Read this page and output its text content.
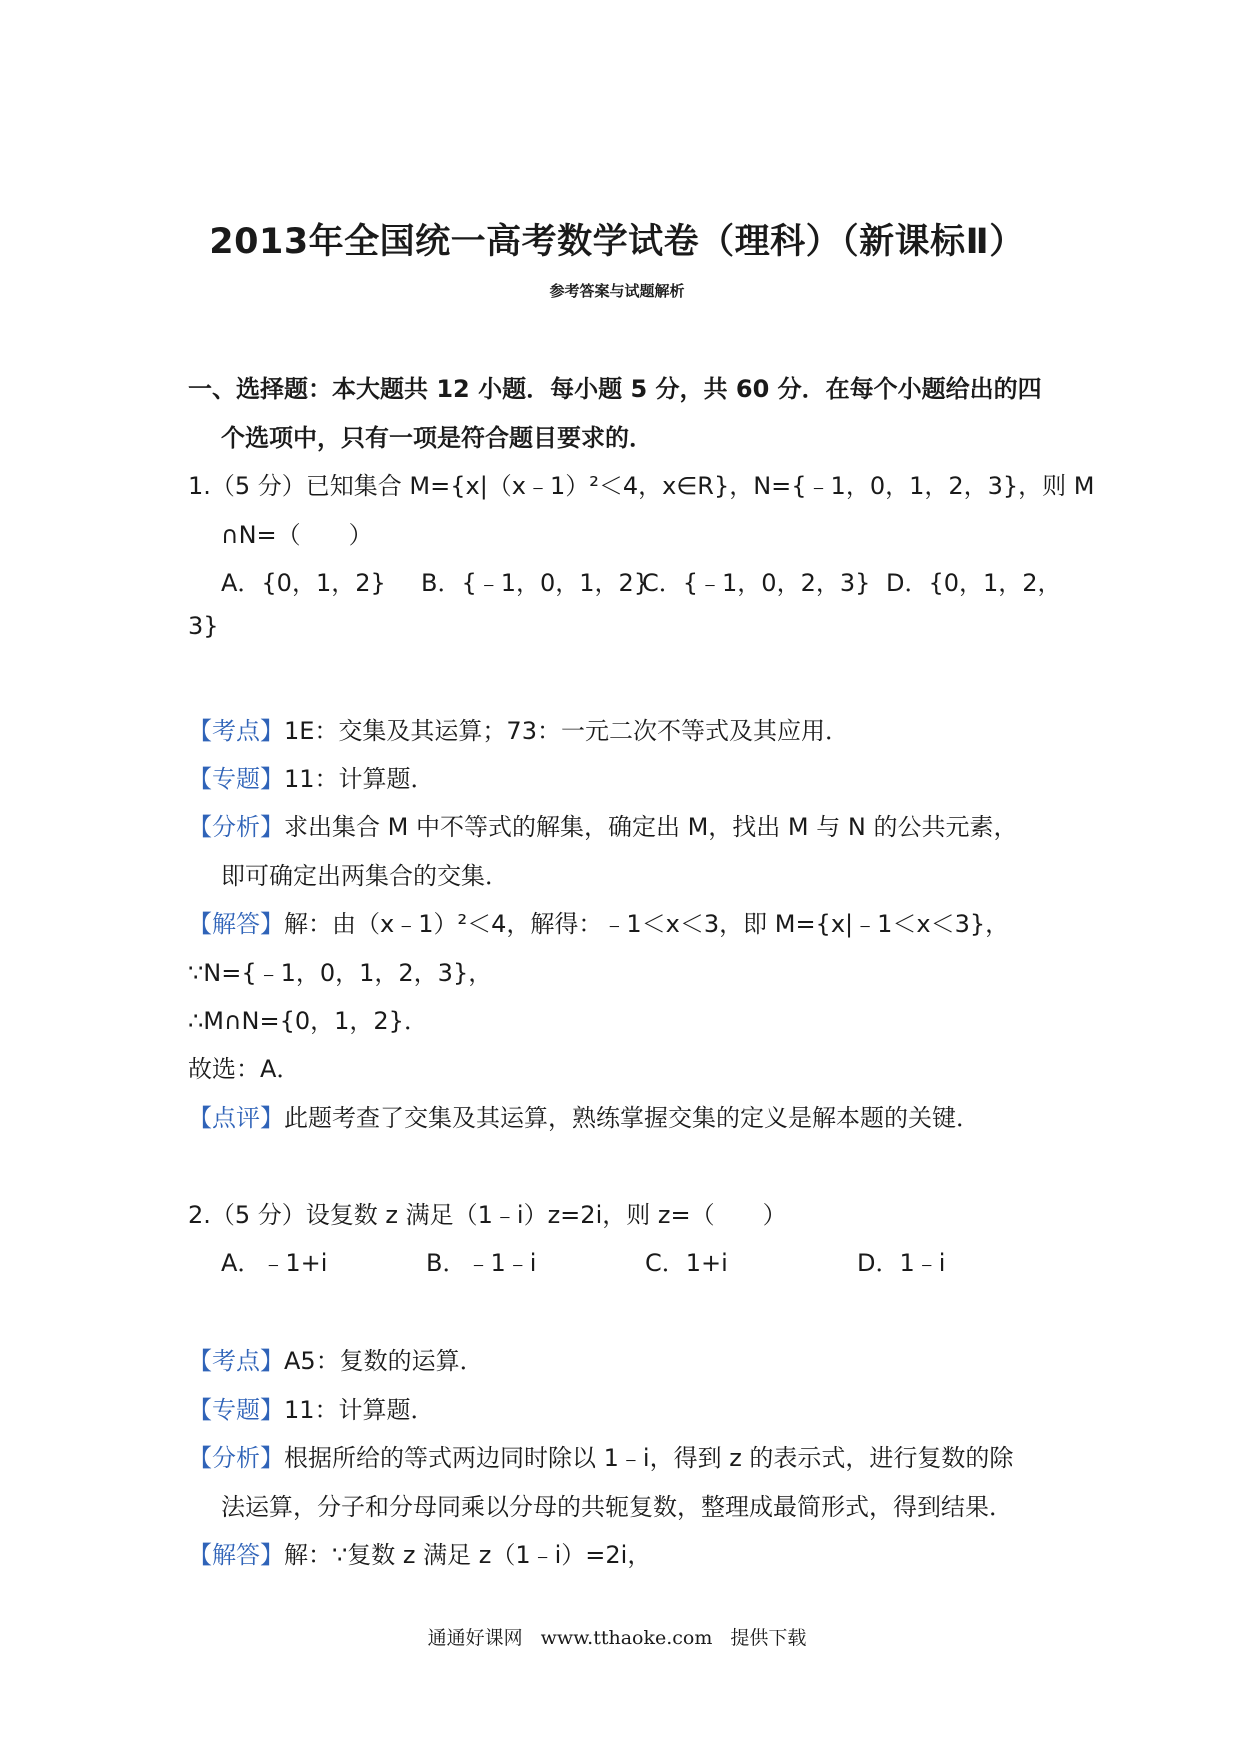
2013年全国统一高考数学试卷（理科）（新课标Ⅱ）
参考答案与试题解析
一、选择题：本大题共 12 小题．每小题 5 分，共 60 分．在每个小题给出的四
个选项中，只有一项是符合题目要求的．
1.（5 分）已知集合 M={x|（x﹣1）²＜4，x∈R}，N={﹣1，0，1，2，3}，则 M
∩N=（　　）
A．{0，1，2} B．{﹣1，0，1，2}
C．{﹣1，0，2，3} D．{0，1，2，
3}
【考点】1E：交集及其运算；73：一元二次不等式及其应用．
【专题】11：计算题．
【分析】求出集合 M 中不等式的解集，确定出 M，找出 M 与 N 的公共元素，
即可确定出两集合的交集．
【解答】解：由（x﹣1）²＜4，解得：﹣1＜x＜3，即 M={x|﹣1＜x＜3}，
∵N={﹣1，0，1，2，3}，
∴M∩N={0，1，2}．
故选：A．
【点评】此题考查了交集及其运算，熟练掌握交集的定义是解本题的关键．
2.（5 分）设复数 z 满足（1﹣i）z=2i，则 z=（　　）
A．﹣1+i	B．﹣1﹣i	C．1+i	D．1﹣i
【考点】A5：复数的运算．
【专题】11：计算题．
【分析】根据所给的等式两边同时除以 1﹣i，得到 z 的表示式，进行复数的除
法运算，分子和分母同乘以分母的共轭复数，整理成最简形式，得到结果．
【解答】解：∵复数 z 满足 z（1﹣i）=2i，
通通好课网 www.tthaoke.com 提供下载
